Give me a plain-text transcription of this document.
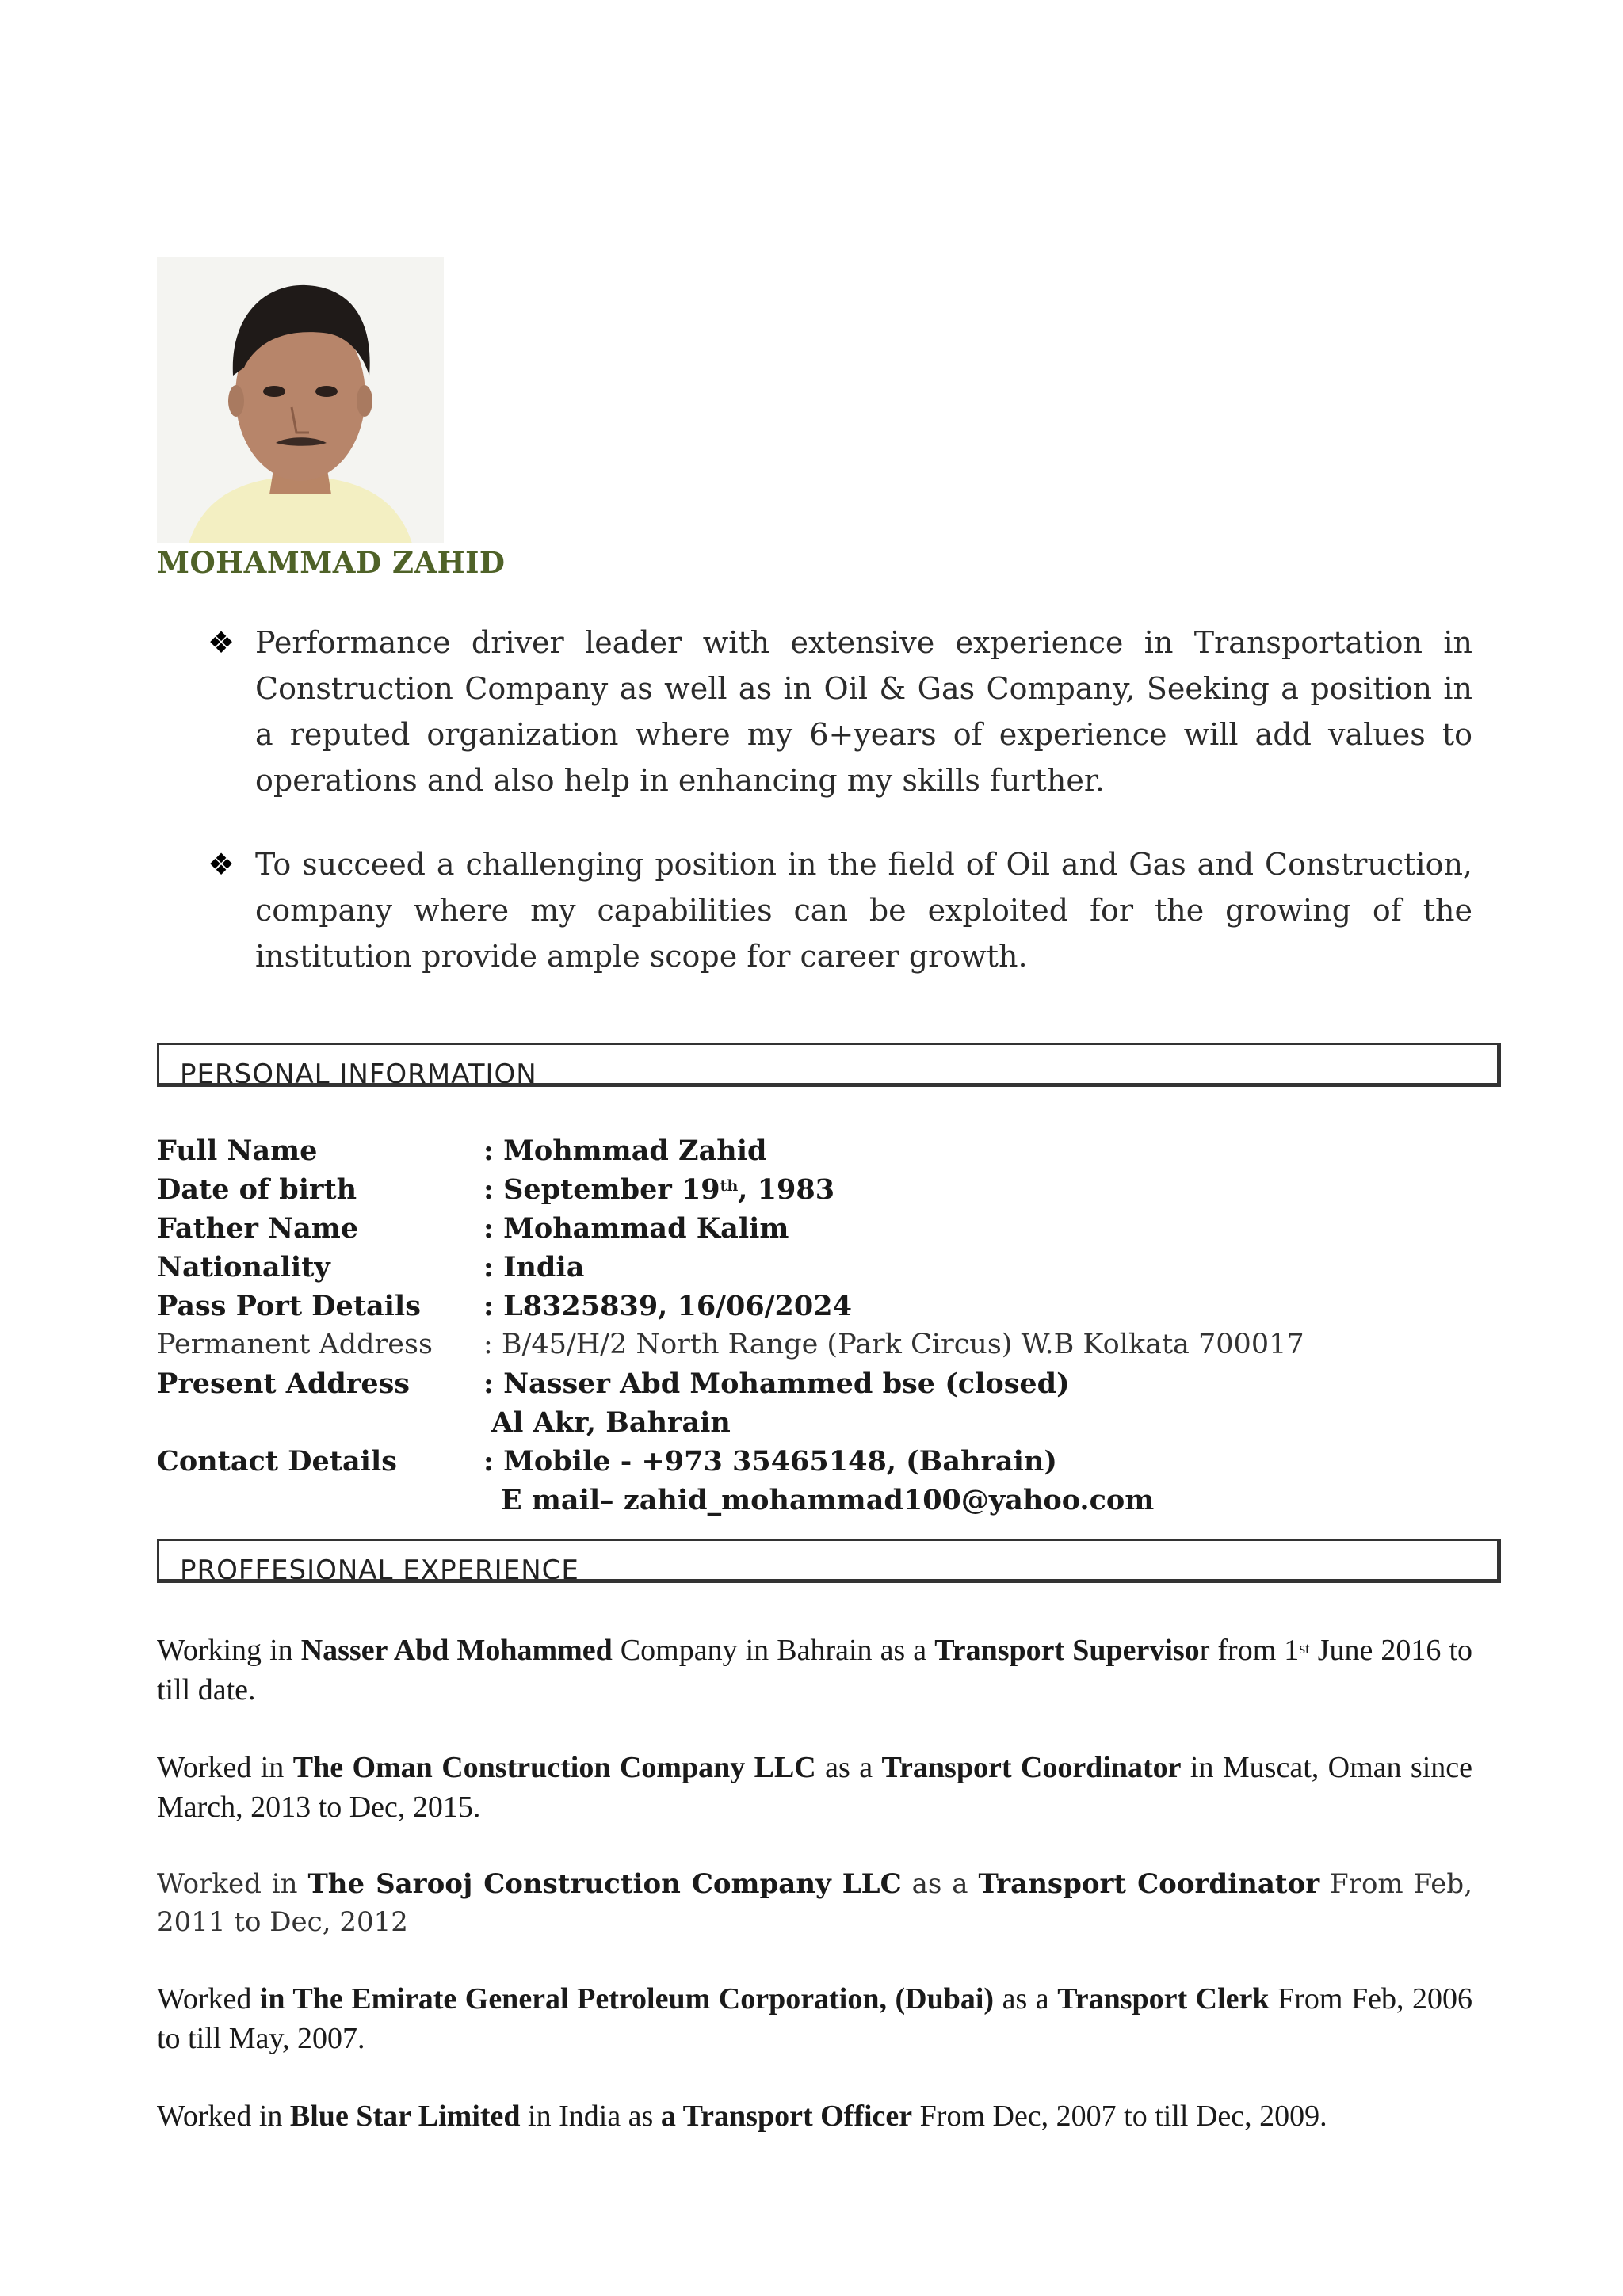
MOHAMMAD ZAHID
❖ Performance driver leader with extensive experience in Transportation in Construction Company as well as in Oil & Gas Company, Seeking a position in a reputed organization where my 6+years of experience will add values to operations and also help in enhancing my skills further.
❖ To succeed a challenging position in the field of Oil and Gas and Construction, company where my capabilities can be exploited for the growing of the institution provide ample scope for career growth.
PERSONAL INFORMATION
Full Name	: Mohmmad Zahid
Date of birth	: September 19th, 1983
Father Name	: Mohammad Kalim
Nationality	: India
Pass Port Details	: L8325839, 16/06/2024
Permanent Address	: B/45/H/2 North Range (Park Circus) W.B Kolkata 700017
Present Address	: Nasser Abd Mohammed bse (closed)
Al Akr, Bahrain
Contact Details	: Mobile - +973 35465148, (Bahrain)
E mail– zahid_mohammad100@yahoo.com
PROFFESIONAL EXPERIENCE
Working in Nasser Abd Mohammed Company in Bahrain as a Transport Supervisor from 1st June 2016 to till date.
Worked in The Oman Construction Company LLC as a Transport Coordinator in Muscat, Oman since March, 2013 to Dec, 2015.
Worked in The Sarooj Construction Company LLC as a Transport Coordinator From Feb, 2011 to Dec, 2012
Worked in The Emirate General Petroleum Corporation, (Dubai) as a Transport Clerk From Feb, 2006 to till May, 2007.
Worked in Blue Star Limited in India as a Transport Officer From Dec, 2007 to till Dec, 2009.
